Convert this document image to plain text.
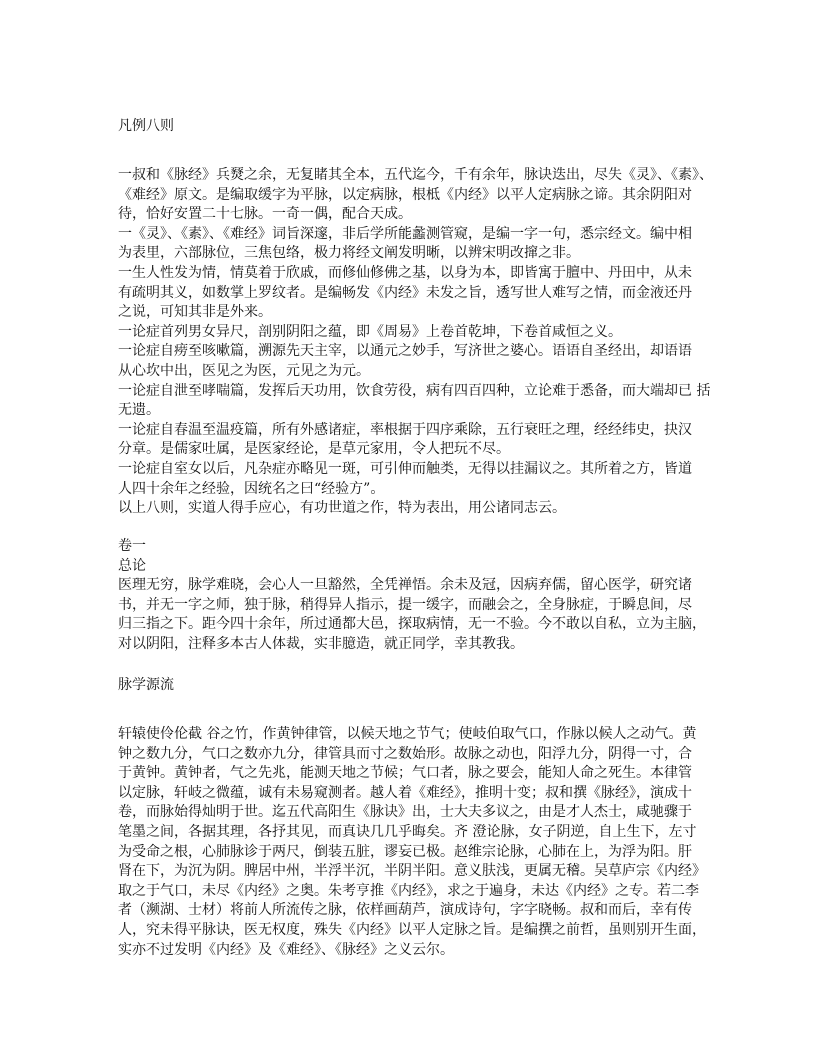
凡例八则
一叔和《脉经》兵燹之余，无复睹其全本，五代迄今，千有余年，脉诀迭出，尽失《灵》、《素》、
《难经》原文。是编取缓字为平脉，以定病脉，根柢《内经》以平人定病脉之谛。其余阴阳对
待，恰好安置二十七脉。一奇一偶，配合天成。
一《灵》、《素》、《难经》词旨深邃，非后学所能蠡测管窥，是编一字一句，悉宗经文。编中相
为表里，六部脉位，三焦包络，极力将经文阐发明晰，以辨宋明改撺之非。
一生人性发为情，情莫着于欣戚，而修仙修佛之基，以身为本，即皆寓于膻中、丹田中，从未
有疏明其义，如数掌上罗纹者。是编畅发《内经》未发之旨，透写世人难写之情，而金液还丹
之说，可知其非是外来。
一论症首列男女异尺，剖别阴阳之蕴，即《周易》上卷首乾坤，下卷首咸恒之义。
一论症自痨至咳嗽篇，溯源先天主宰，以通元之妙手，写济世之婆心。语语自圣经出，却语语
从心坎中出，医见之为医，元见之为元。
一论症自泄至哮喘篇，发挥后天功用，饮食劳役，病有四百四种，立论难于悉备，而大端却已 括
无遗。
一论症自春温至温疫篇，所有外感诸症，率根据于四序乘除，五行衰旺之理，经经纬史，抉汉
分章。是儒家吐属，是医家经论，是草元家用，令人把玩不尽。
一论症自室女以后，凡杂症亦略见一斑，可引伸而触类，无得以挂漏议之。其所着之方，皆道
人四十余年之经验，因统名之曰“经验方”。
以上八则，实道人得手应心，有功世道之作，特为表出，用公诸同志云。
卷一
总论
医理无穷，脉学难晓，会心人一旦豁然，全凭禅悟。余未及冠，因病弃儒，留心医学，研究诸
书，并无一字之师，独于脉，稍得异人指示，提一缓字，而融会之，全身脉症，于瞬息间，尽
归三指之下。距今四十余年，所过通都大邑，探取病情，无一不验。今不敢以自私，立为主脑，
对以阴阳，注释多本古人体裁，实非臆造，就正同学，幸其教我。
脉学源流
轩辕使伶伦截 谷之竹，作黄钟律管，以候天地之节气；使岐伯取气口，作脉以候人之动气。黄
钟之数九分，气口之数亦九分，律管具而寸之数始形。故脉之动也，阳浮九分，阴得一寸，合
于黄钟。黄钟者，气之先兆，能测天地之节候；气口者，脉之要会，能知人命之死生。本律管
以定脉，轩岐之微蕴，诚有未易窥测者。越人着《难经》，推明十变；叔和撰《脉经》，演成十
卷，而脉始得灿明于世。迄五代高阳生《脉诀》出，士大夫多议之，由是才人杰士，咸驰骤于
笔墨之间，各据其理，各抒其见，而真诀几几乎晦矣。齐 澄论脉，女子阴逆，自上生下，左寸
为受命之根，心肺脉诊于两尺，倒装五脏，谬妄已极。赵维宗论脉，心肺在上，为浮为阳。肝
肾在下，为沉为阴。脾居中州，半浮半沉，半阴半阳。意义肤浅，更属无稽。吴草庐宗《内经》
取之于气口，未尽《内经》之奥。朱考亨推《内经》，求之于遍身，未达《内经》之专。若二李
者（濒湖、士材）将前人所流传之脉，依样画葫芦，演成诗句，字字晓畅。叔和而后，幸有传
人，究未得平脉诀，医无权度，殊失《内经》以平人定脉之旨。是编撰之前哲，虽则别开生面，
实亦不过发明《内经》及《难经》、《脉经》之义云尔。
